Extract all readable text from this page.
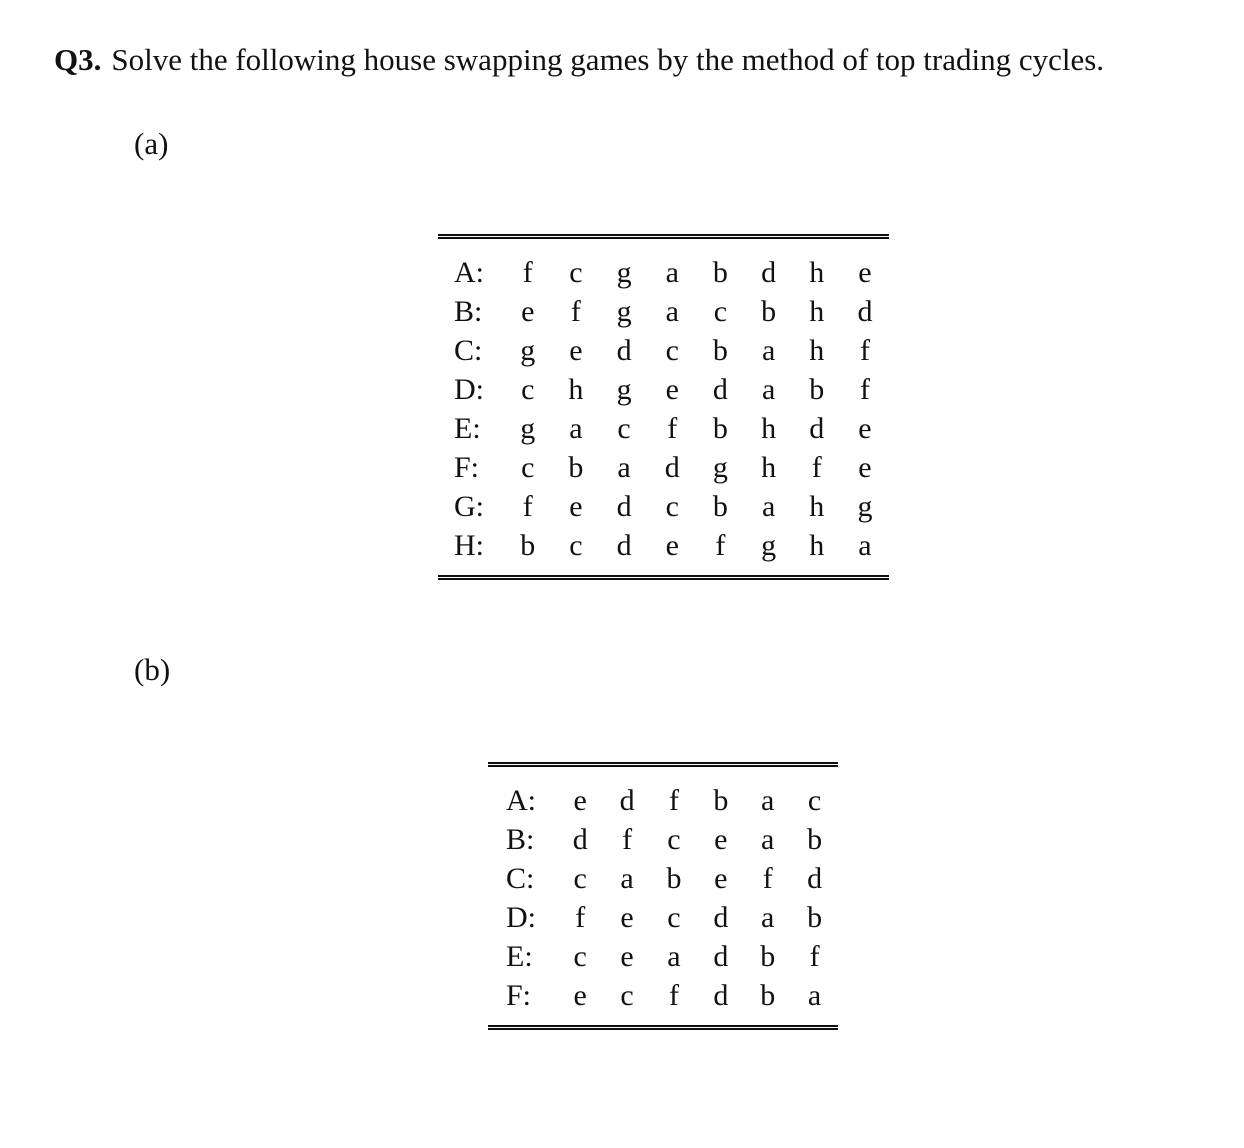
Q3. Solve the following house swapping games by the method of top trading cycles.
(a)
A:	f	c	g	a	b	d	h	e
B:	e	f	g	a	c	b	h	d
C:	g	e	d	c	b	a	h	f
D:	c	h	g	e	d	a	b	f
E:	g	a	c	f	b	h	d	e
F:	c	b	a	d	g	h	f	e
G:	f	e	d	c	b	a	h	g
H:	b	c	d	e	f	g	h	a
(b)
A:	e	d	f	b	a	c
B:	d	f	c	e	a	b
C:	c	a	b	e	f	d
D:	f	e	c	d	a	b
E:	c	e	a	d	b	f
F:	e	c	f	d	b	a
